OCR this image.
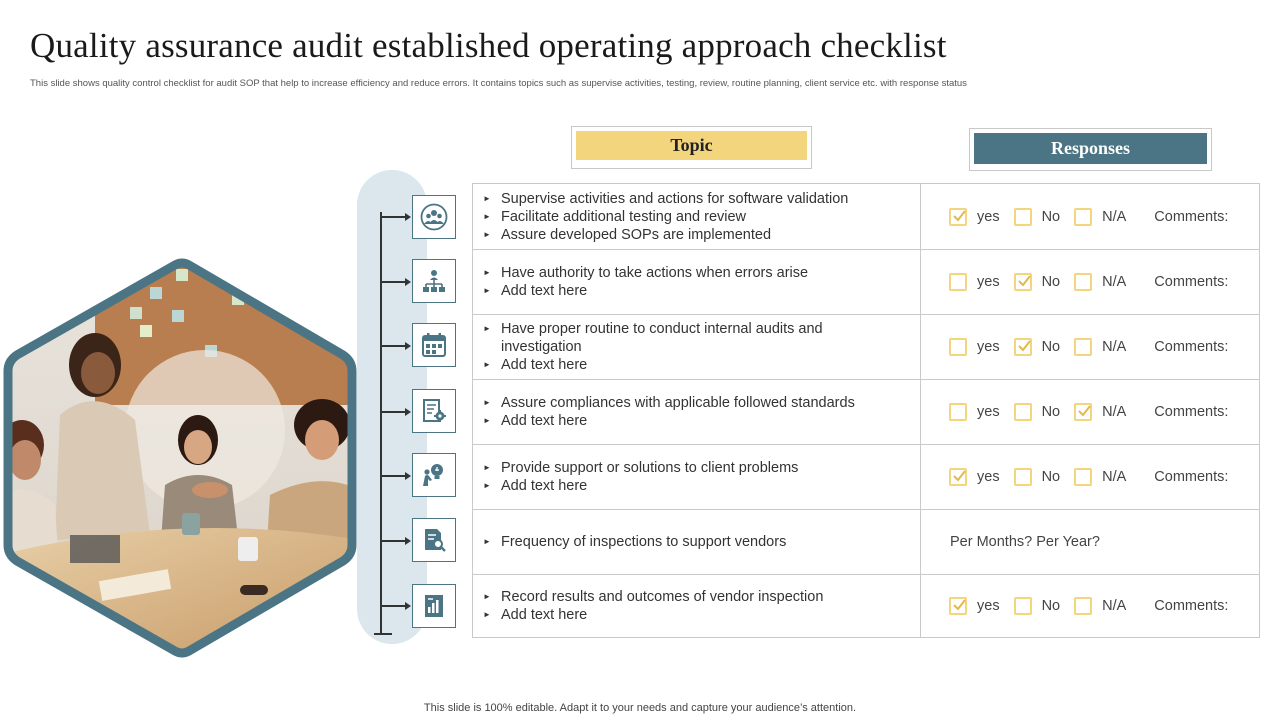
Quality assurance audit established operating approach checklist
This slide shows quality control checklist for audit SOP that help to increase efficiency and reduce errors. It contains topics such as supervise activities, testing, review, routine planning, client service etc. with response status
Topic	Responses
► Supervise activities and actions for software validation
► Facilitate additional testing and review
► Assure developed SOPs are implemented
yes	No	N/A Comments:
► Have authority to take actions when errors arise
► Add text here
yes	No	N/A Comments:
► Have proper routine to conduct internal audits and
investigation
► Add text here
yes	No	N/A Comments:
► Assure compliances with applicable followed standards
► Add text here
yes	No	N/A Comments:
► Provide support or solutions to client problems
► Add text here
yes	No	N/A Comments:
► Frequency of inspections to support vendors	Per Months? Per Year?
► Record results and outcomes of vendor inspection
► Add text here
yes	No	N/A Comments:
This slide is 100% editable. Adapt it to your needs and capture your audience’s attention.
